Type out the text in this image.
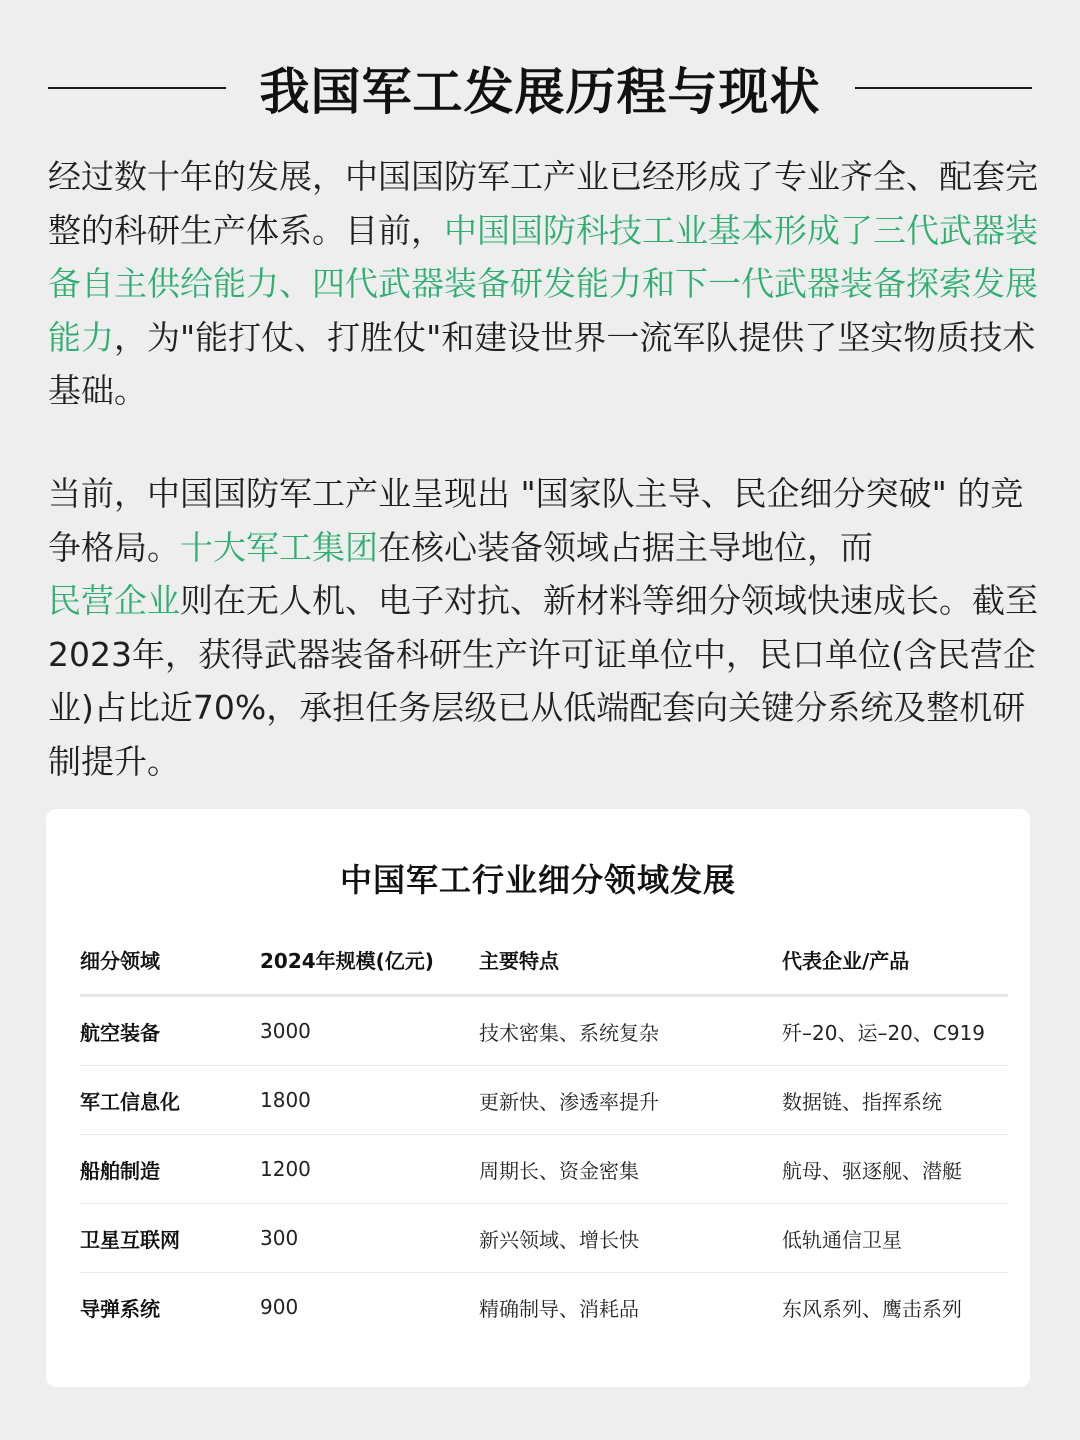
我国军工发展历程与现状

经过数十年的发展，中国国防军工产业已经形成了专业齐全、配套完整的科研生产体系。目前，中国国防科技工业基本形成了三代武器装备自主供给能力、四代武器装备研发能力和下一代武器装备探索发展能力，为"能打仗、打胜仗"和建设世界一流军队提供了坚实物质技术基础。

当前，中国国防军工产业呈现出 "国家队主导、民企细分突破" 的竞争格局。十大军工集团在核心装备领域占据主导地位，而
民营企业则在无人机、电子对抗、新材料等细分领域快速成长。截至2023年，获得武器装备科研生产许可证单位中，民口单位(含民营企业)占比近70%，承担任务层级已从低端配套向关键分系统及整机研制提升。

中国军工行业细分领域发展
细分领域	2024年规模(亿元)	主要特点	代表企业/产品
航空装备	3000	技术密集、系统复杂	歼–20、运–20、C919
军工信息化	1800	更新快、渗透率提升	数据链、指挥系统
船舶制造	1200	周期长、资金密集	航母、驱逐舰、潜艇
卫星互联网	300	新兴领域、增长快	低轨通信卫星
导弹系统	900	精确制导、消耗品	东风系列、鹰击系列
